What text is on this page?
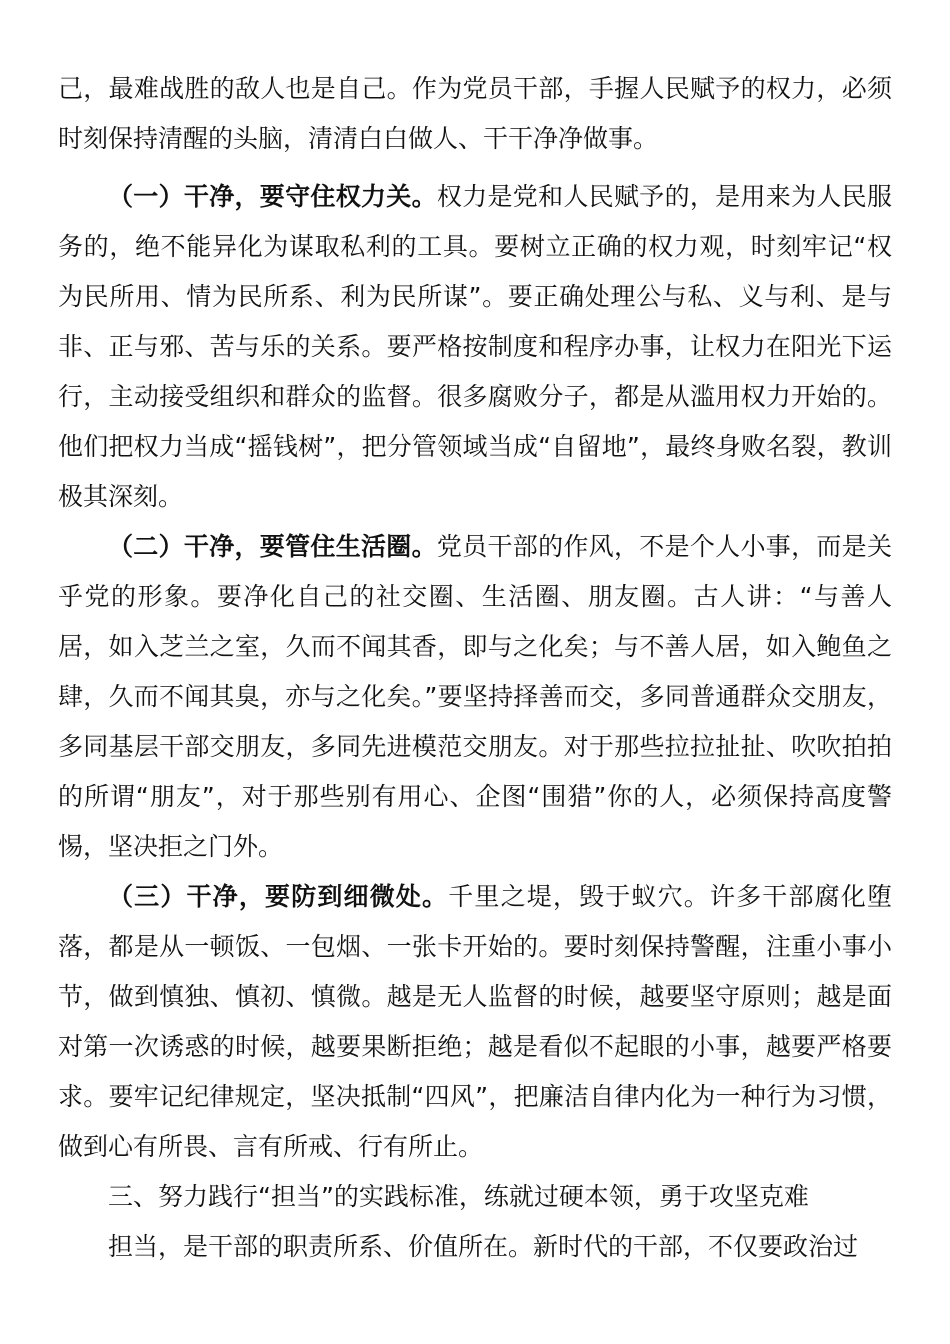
己，最难战胜的敌人也是自己。作为党员干部，手握人民赋予的权力，必须时刻保持清醒的头脑，清清白白做人、干干净净做事。

（一）干净，要守住权力关。权力是党和人民赋予的，是用来为人民服务的，绝不能异化为谋取私利的工具。要树立正确的权力观，时刻牢记“权为民所用、情为民所系、利为民所谋”。要正确处理公与私、义与利、是与非、正与邪、苦与乐的关系。要严格按制度和程序办事，让权力在阳光下运行，主动接受组织和群众的监督。很多腐败分子，都是从滥用权力开始的。他们把权力当成“摇钱树”，把分管领域当成“自留地”，最终身败名裂，教训极其深刻。

（二）干净，要管住生活圈。党员干部的作风，不是个人小事，而是关乎党的形象。要净化自己的社交圈、生活圈、朋友圈。古人讲：“与善人居，如入芝兰之室，久而不闻其香，即与之化矣；与不善人居，如入鲍鱼之肆，久而不闻其臭，亦与之化矣。”要坚持择善而交，多同普通群众交朋友，多同基层干部交朋友，多同先进模范交朋友。对于那些拉拉扯扯、吹吹拍拍的所谓“朋友”，对于那些别有用心、企图“围猎”你的人，必须保持高度警惕，坚决拒之门外。

（三）干净，要防到细微处。千里之堤，毁于蚁穴。许多干部腐化堕落，都是从一顿饭、一包烟、一张卡开始的。要时刻保持警醒，注重小事小节，做到慎独、慎初、慎微。越是无人监督的时候，越要坚守原则；越是面对第一次诱惑的时候，越要果断拒绝；越是看似不起眼的小事，越要严格要求。要牢记纪律规定，坚决抵制“四风”，把廉洁自律内化为一种行为习惯，做到心有所畏、言有所戒、行有所止。

三、努力践行“担当”的实践标准，练就过硬本领，勇于攻坚克难

担当，是干部的职责所系、价值所在。新时代的干部，不仅要政治过
